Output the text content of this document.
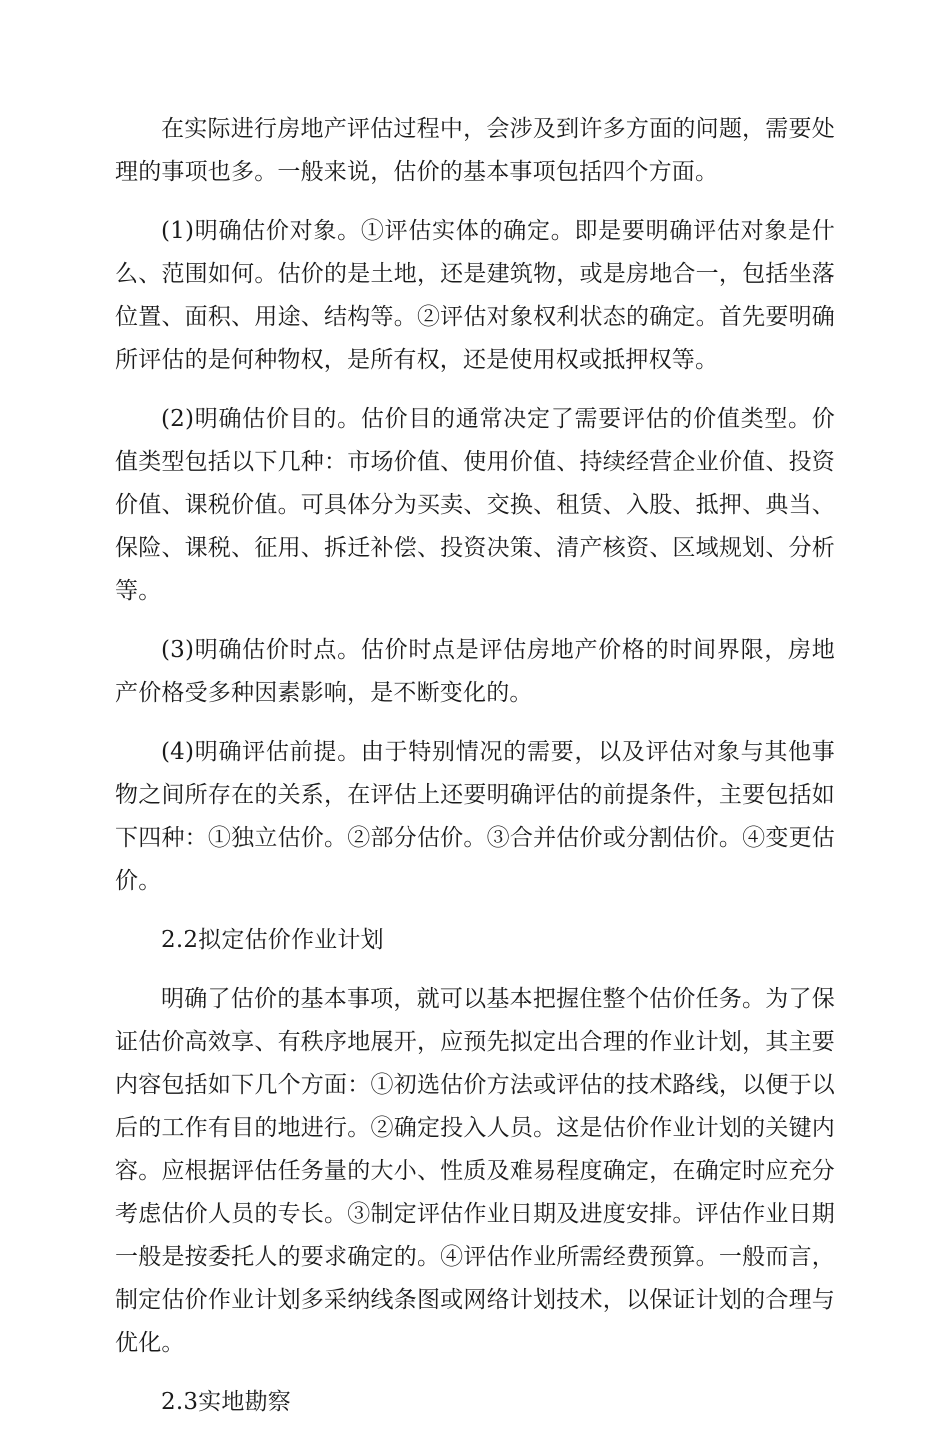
在实际进行房地产评估过程中，会涉及到许多方面的问题，需要处理的事项也多。一般来说，估价的基本事项包括四个方面。

(1)明确估价对象。①评估实体的确定。即是要明确评估对象是什么、范围如何。估价的是土地，还是建筑物，或是房地合一，包括坐落位置、面积、用途、结构等。②评估对象权利状态的确定。首先要明确所评估的是何种物权，是所有权，还是使用权或抵押权等。

(2)明确估价目的。估价目的通常决定了需要评估的价值类型。价值类型包括以下几种：市场价值、使用价值、持续经营企业价值、投资价值、课税价值。可具体分为买卖、交换、租赁、入股、抵押、典当、保险、课税、征用、拆迁补偿、投资决策、清产核资、区域规划、分析等。

(3)明确估价时点。估价时点是评估房地产价格的时间界限，房地产价格受多种因素影响，是不断变化的。

(4)明确评估前提。由于特别情况的需要，以及评估对象与其他事物之间所存在的关系，在评估上还要明确评估的前提条件，主要包括如下四种：①独立估价。②部分估价。③合并估价或分割估价。④变更估价。

2.2拟定估价作业计划

明确了估价的基本事项，就可以基本把握住整个估价任务。为了保证估价高效享、有秩序地展开，应预先拟定出合理的作业计划，其主要内容包括如下几个方面：①初选估价方法或评估的技术路线，以便于以后的工作有目的地进行。②确定投入人员。这是估价作业计划的关键内容。应根据评估任务量的大小、性质及难易程度确定，在确定时应充分考虑估价人员的专长。③制定评估作业日期及进度安排。评估作业日期一般是按委托人的要求确定的。④评估作业所需经费预算。一般而言，制定估价作业计划多采纳线条图或网络计划技术，以保证计划的合理与优化。

2.3实地勘察
